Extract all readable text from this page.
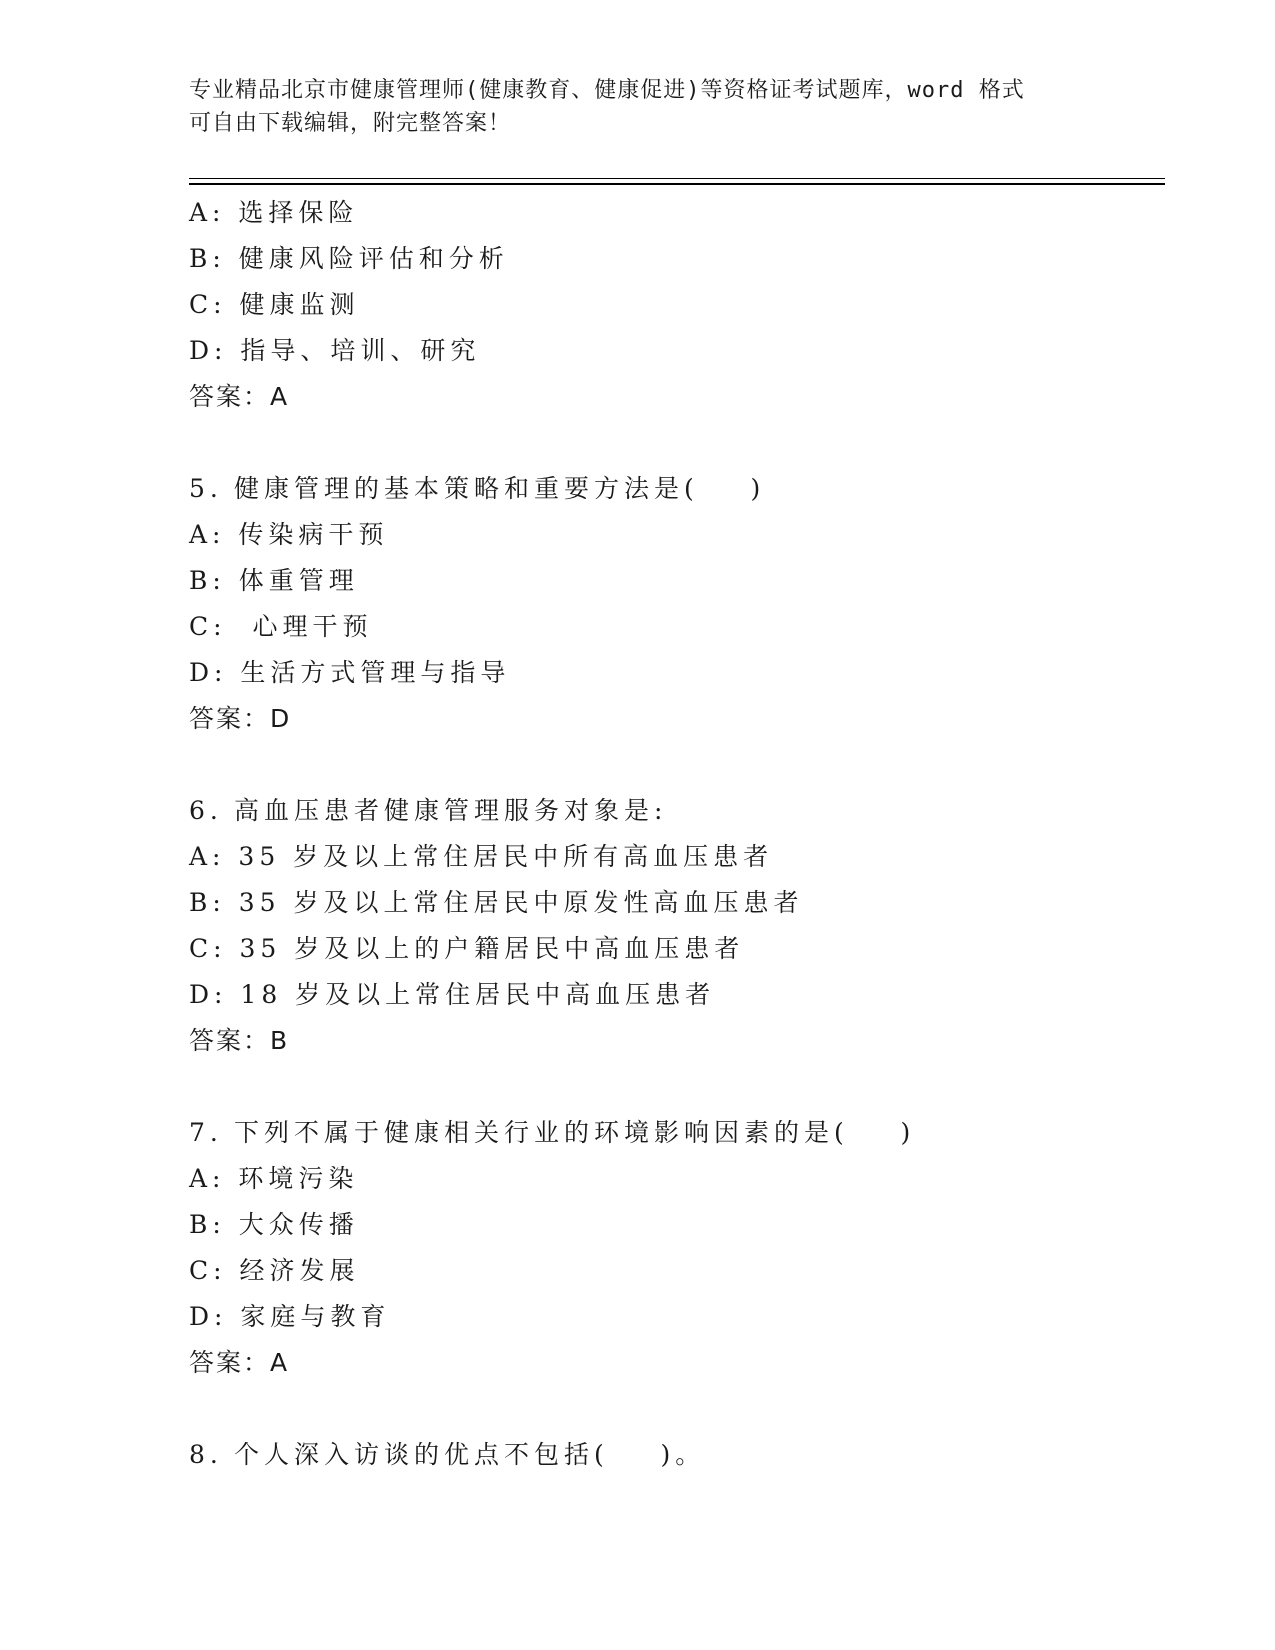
专业精品北京市健康管理师(健康教育、健康促进)等资格证考试题库，word 格式
可自由下载编辑，附完整答案！
A: 选择保险
B: 健康风险评估和分析
C: 健康监测
D: 指导、培训、研究
答案：A
5. 健康管理的基本策略和重要方法是(    )
A: 传染病干预
B: 体重管理
C:  心理干预
D: 生活方式管理与指导
答案：D
6. 高血压患者健康管理服务对象是:
A: 35 岁及以上常住居民中所有高血压患者
B: 35 岁及以上常住居民中原发性高血压患者
C: 35 岁及以上的户籍居民中高血压患者
D: 18 岁及以上常住居民中高血压患者
答案：B
7. 下列不属于健康相关行业的环境影响因素的是(    )
A: 环境污染
B: 大众传播
C: 经济发展
D: 家庭与教育
答案：A
8. 个人深入访谈的优点不包括(    )。
